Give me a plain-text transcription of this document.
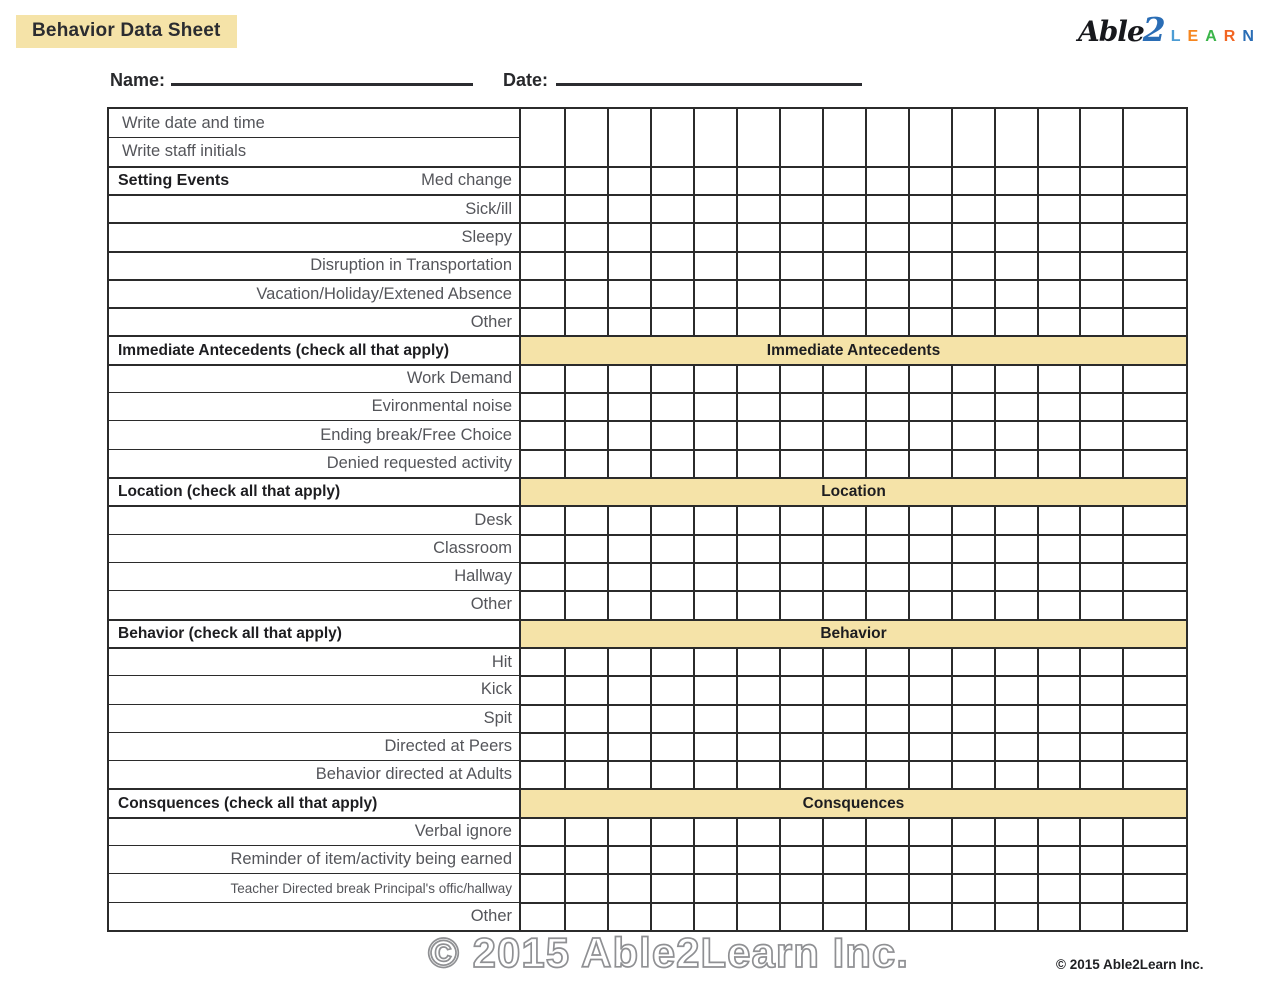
Behavior Data Sheet	Able 2 LEARN
Name:	Date:
Write date and time
Write staff initials
Setting Events	Med change
Sick/ill
Sleepy
Disruption in Transportation
Vacation/Holiday/Extened Absence
Other
Immediate Antecedents (check all that apply)	Immediate Antecedents
Work Demand
Evironmental noise
Ending break/Free Choice
Denied requested activity
Location (check all that apply)	Location
Desk
Classroom
Hallway
Other
Behavior (check all that apply)	Behavior
Hit
Kick
Spit
Directed at Peers
Behavior directed at Adults
Consquences (check all that apply)	Consquences
Verbal ignore
Reminder of item/activity being earned
Teacher Directed break Principal's offic/hallway
Other
© 2015 Able2Learn Inc.	© 2015 Able2Learn Inc.
